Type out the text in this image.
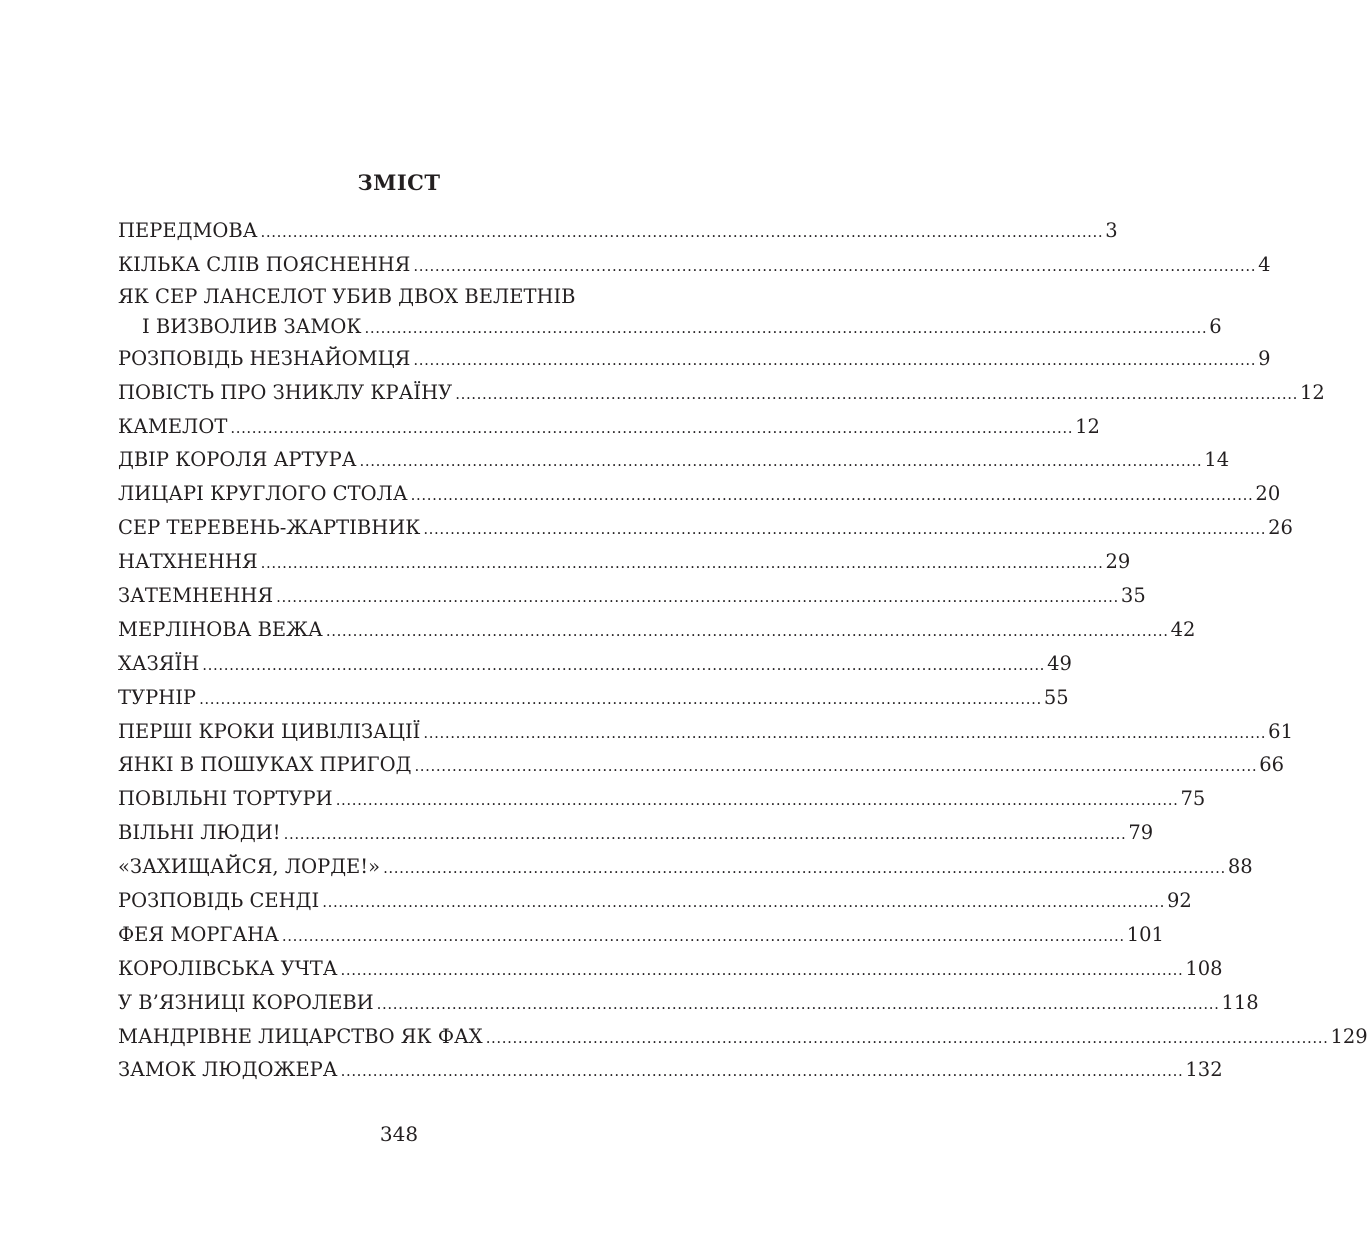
ЗМІСТ
ПЕРЕДМОВА ............................................................................................................................................................. 3
КІЛЬКА СЛІВ ПОЯСНЕННЯ ............................................................................................................................................................. 4
ЯК СЕР ЛАНСЕЛОТ УБИВ ДВОХ ВЕЛЕТНІВ
І ВИЗВОЛИВ ЗАМОК ............................................................................................................................................................. 6
РОЗПОВІДЬ НЕЗНАЙОМЦЯ ............................................................................................................................................................. 9
ПОВІСТЬ ПРО ЗНИКЛУ КРАЇНУ ............................................................................................................................................................. 12
КАМЕЛОТ ............................................................................................................................................................. 12
ДВІР КОРОЛЯ АРТУРА ............................................................................................................................................................. 14
ЛИЦАРІ КРУГЛОГО СТОЛА ............................................................................................................................................................. 20
СЕР ТЕРЕВЕНЬ-ЖАРТІВНИК ............................................................................................................................................................. 26
НАТХНЕННЯ ............................................................................................................................................................. 29
ЗАТЕМНЕННЯ ............................................................................................................................................................. 35
МЕРЛІНОВА ВЕЖА ............................................................................................................................................................. 42
ХАЗЯЇН ............................................................................................................................................................. 49
ТУРНІР ............................................................................................................................................................. 55
ПЕРШІ КРОКИ ЦИВІЛІЗАЦІЇ ............................................................................................................................................................. 61
ЯНКІ В ПОШУКАХ ПРИГОД ............................................................................................................................................................. 66
ПОВІЛЬНІ ТОРТУРИ ............................................................................................................................................................. 75
ВІЛЬНІ ЛЮДИ! ............................................................................................................................................................. 79
«ЗАХИЩАЙСЯ, ЛОРДЕ!» ............................................................................................................................................................. 88
РОЗПОВІДЬ СЕНДІ ............................................................................................................................................................. 92
ФЕЯ МОРГАНА ............................................................................................................................................................. 101
КОРОЛІВСЬКА УЧТА ............................................................................................................................................................. 108
У В’ЯЗНИЦІ КОРОЛЕВИ ............................................................................................................................................................. 118
МАНДРІВНЕ ЛИЦАРСТВО ЯК ФАХ ............................................................................................................................................................. 129
ЗАМОК ЛЮДОЖЕРА ............................................................................................................................................................. 132
348
